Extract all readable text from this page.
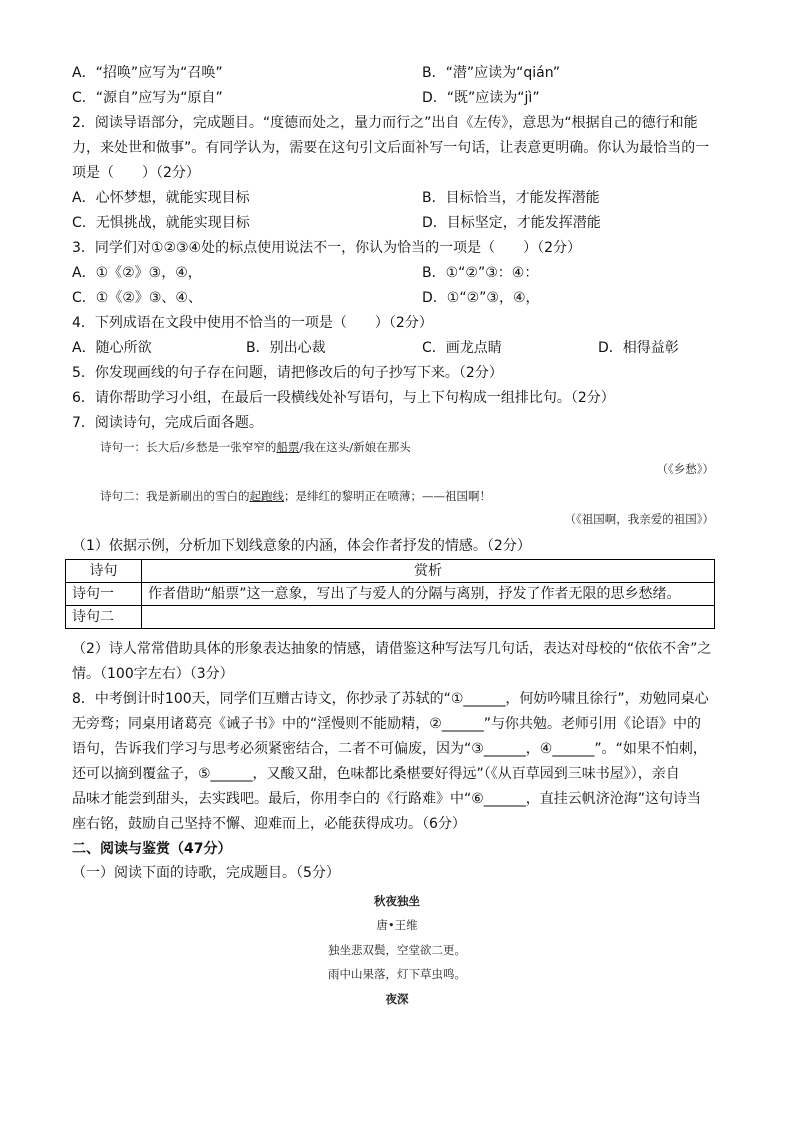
A．“招唤”应写为“召唤”	B．“潜”应读为“qián”
C．“源自”应写为“原自”	D．“既”应读为“jì”
2．阅读导语部分，完成题目。“度德而处之，量力而行之”出自《左传》，意思为“根据自己的德行和能
力，来处世和做事”。有同学认为，需要在这句引文后面补写一句话，让表意更明确。你认为最恰当的一
项是（　　）（2分）
A．心怀梦想，就能实现目标	B．目标恰当，才能发挥潜能
C．无惧挑战，就能实现目标	D．目标坚定，才能发挥潜能
3．同学们对①②③④处的标点使用说法不一，你认为恰当的一项是（　　）（2分）
A．①《②》③，④，	B．①“②”③：④：
C．①《②》③、④、	D．①“②”③，④，
4．下列成语在文段中使用不恰当的一项是（　　）（2分）
A．随心所欲	B．别出心裁	C．画龙点睛	D．相得益彰
5．你发现画线的句子存在问题，请把修改后的句子抄写下来。（2分）
6．请你帮助学习小组，在最后一段横线处补写语句，与上下句构成一组排比句。（2分）
7．阅读诗句，完成后面各题。
诗句一：长大后/乡愁是一张窄窄的船票/我在这头/新娘在那头
（《乡愁》）
诗句二：我是新刷出的雪白的起跑线；是绯红的黎明正在喷薄；——祖国啊！
（《祖国啊，我亲爱的祖国》）
（1）依据示例，分析加下划线意象的内涵，体会作者抒发的情感。（2分）
诗句	赏析
诗句一	作者借助“船票”这一意象，写出了与爱人的分隔与离别，抒发了作者无限的思乡愁绪。
诗句二	
（2）诗人常常借助具体的形象表达抽象的情感，请借鉴这种写法写几句话，表达对母校的“依依不舍”之
情。（100字左右）（3分）
8．中考倒计时100天，同学们互赠古诗文，你抄录了苏轼的“①______，何妨吟啸且徐行”，劝勉同桌心
无旁骛；同桌用诸葛亮《诫子书》中的“淫慢则不能励精，②______”与你共勉。老师引用《论语》中的
语句，告诉我们学习与思考必须紧密结合，二者不可偏废，因为“③______，④______”。“如果不怕刺，
还可以摘到覆盆子，⑤______，又酸又甜，色味都比桑椹要好得远”（《从百草园到三味书屋》），亲自
品味才能尝到甜头，去实践吧。最后，你用李白的《行路难》中“⑥______，直挂云帆济沧海”这句诗当
座右铭，鼓励自己坚持不懈、迎难而上，必能获得成功。（6分）
二、阅读与鉴赏（47分）
（一）阅读下面的诗歌，完成题目。（5分）
秋夜独坐
唐•王维
独坐悲双鬓，空堂欲二更。
雨中山果落，灯下草虫鸣。
夜深
